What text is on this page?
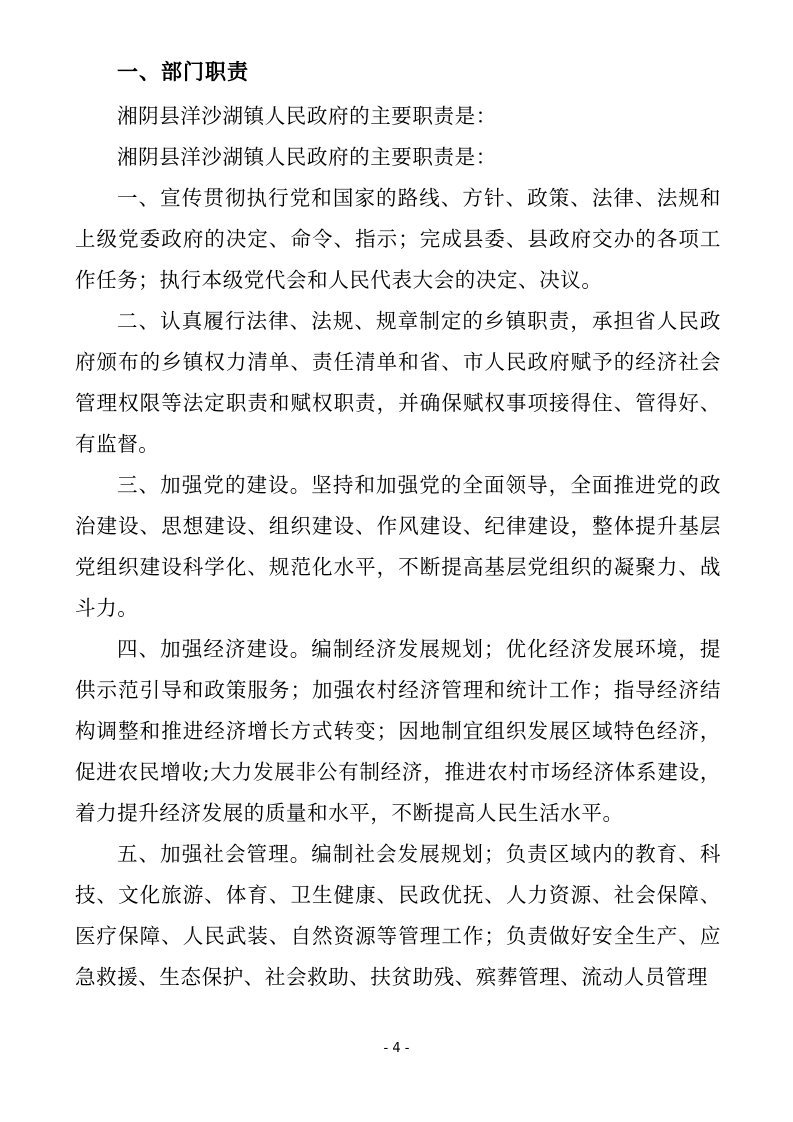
一、部门职责

湘阴县洋沙湖镇人民政府的主要职责是：

湘阴县洋沙湖镇人民政府的主要职责是：

一、宣传贯彻执行党和国家的路线、方针、政策、法律、法规和上级党委政府的决定、命令、指示；完成县委、县政府交办的各项工作任务；执行本级党代会和人民代表大会的决定、决议。

二、认真履行法律、法规、规章制定的乡镇职责，承担省人民政府颁布的乡镇权力清单、责任清单和省、市人民政府赋予的经济社会管理权限等法定职责和赋权职责，并确保赋权事项接得住、管得好、有监督。

三、加强党的建设。坚持和加强党的全面领导，全面推进党的政治建设、思想建设、组织建设、作风建设、纪律建设，整体提升基层党组织建设科学化、规范化水平，不断提高基层党组织的凝聚力、战斗力。

四、加强经济建设。编制经济发展规划；优化经济发展环境，提供示范引导和政策服务；加强农村经济管理和统计工作；指导经济结构调整和推进经济增长方式转变；因地制宜组织发展区域特色经济，促进农民增收;大力发展非公有制经济，推进农村市场经济体系建设，着力提升经济发展的质量和水平，不断提高人民生活水平。

五、加强社会管理。编制社会发展规划；负责区域内的教育、科技、文化旅游、体育、卫生健康、民政优抚、人力资源、社会保障、医疗保障、人民武装、自然资源等管理工作；负责做好安全生产、应急救援、生态保护、社会救助、扶贫助残、殡葬管理、流动人员管理

- 4 -
